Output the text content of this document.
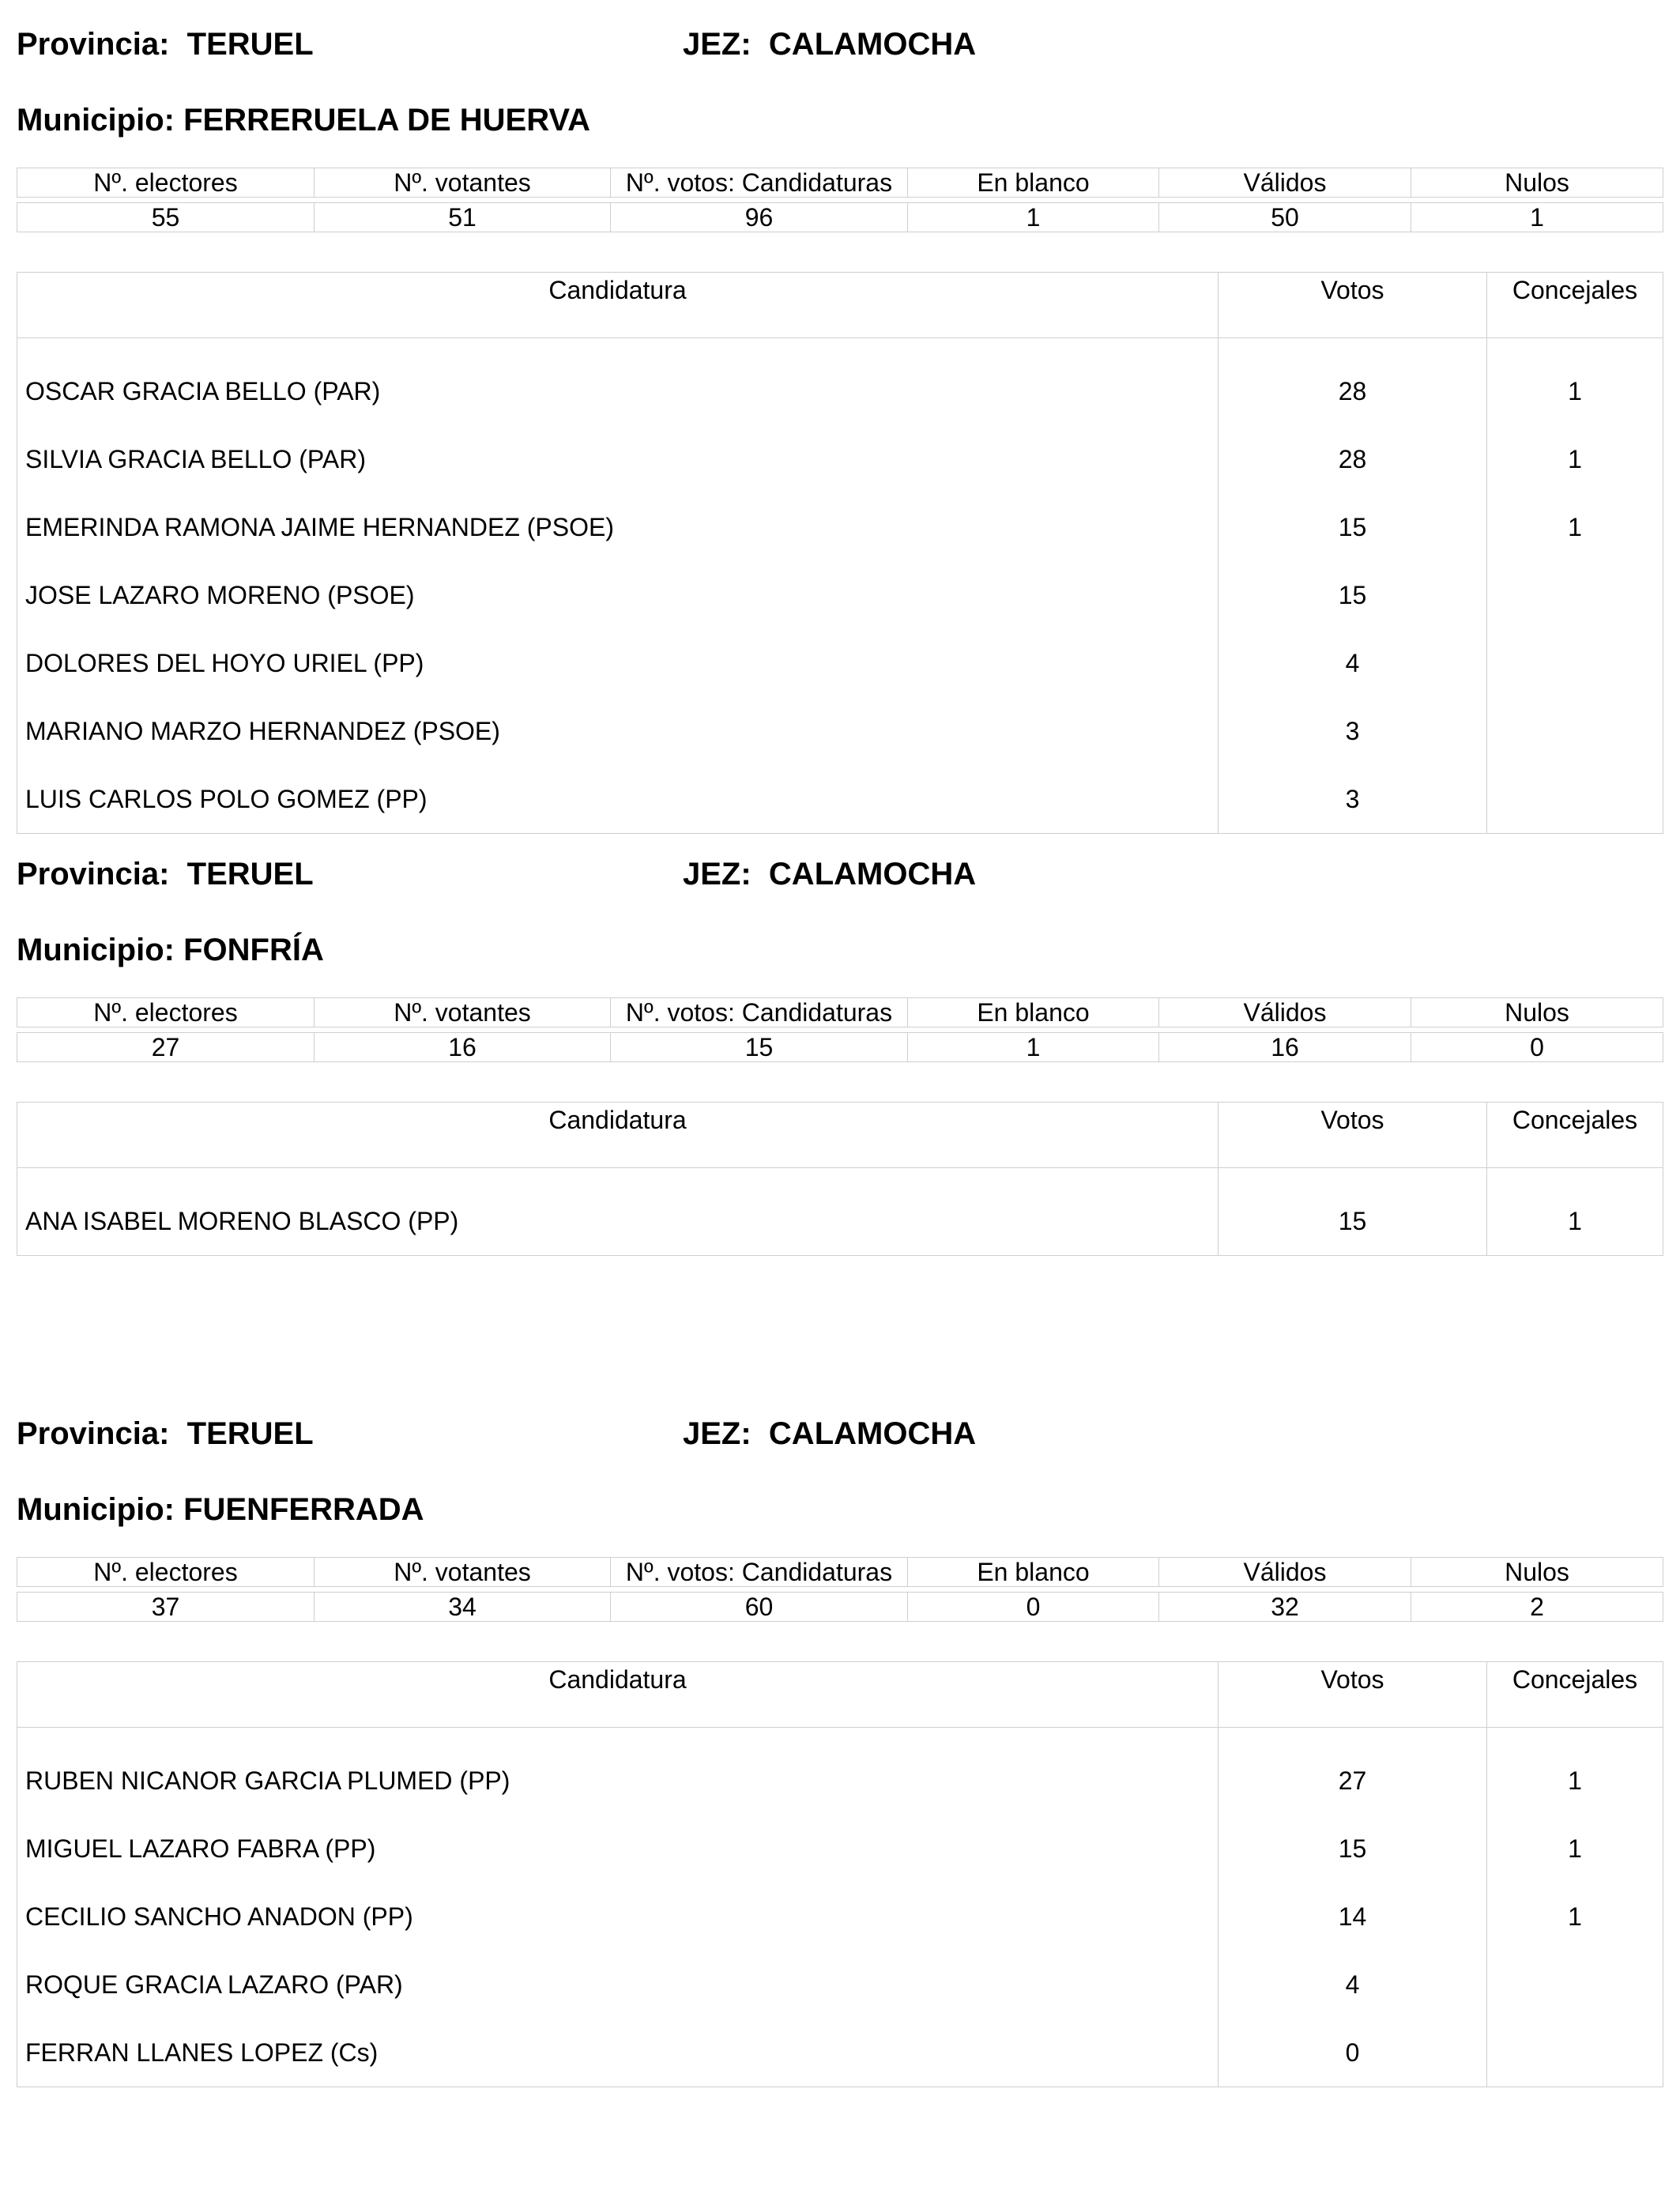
Provincia: TERUEL	JEZ: CALAMOCHA
Municipio: FERRERUELA DE HUERVA
Nº. electores	Nº. votantes	Nº. votos: Candidaturas	En blanco	Válidos	Nulos

55	51	96	1	50	1
Candidatura	Votos	Concejales
OSCAR GRACIA BELLO (PAR)	28	1
SILVIA GRACIA BELLO (PAR)	28	1
EMERINDA RAMONA JAIME HERNANDEZ (PSOE)	15	1
JOSE LAZARO MORENO (PSOE)	15	
DOLORES DEL HOYO URIEL (PP)	4	
MARIANO MARZO HERNANDEZ (PSOE)	3	
LUIS CARLOS POLO GOMEZ (PP)	3	
Provincia: TERUEL	JEZ: CALAMOCHA
Municipio: FONFRÍA
Nº. electores	Nº. votantes	Nº. votos: Candidaturas	En blanco	Válidos	Nulos

27	16	15	1	16	0
Candidatura	Votos	Concejales
ANA ISABEL MORENO BLASCO (PP)	15	1
Provincia: TERUEL	JEZ: CALAMOCHA
Municipio: FUENFERRADA
Nº. electores	Nº. votantes	Nº. votos: Candidaturas	En blanco	Válidos	Nulos

37	34	60	0	32	2
Candidatura	Votos	Concejales
RUBEN NICANOR GARCIA PLUMED (PP)	27	1
MIGUEL LAZARO FABRA (PP)	15	1
CECILIO SANCHO ANADON (PP)	14	1
ROQUE GRACIA LAZARO (PAR)	4	
FERRAN LLANES LOPEZ (Cs)	0	
